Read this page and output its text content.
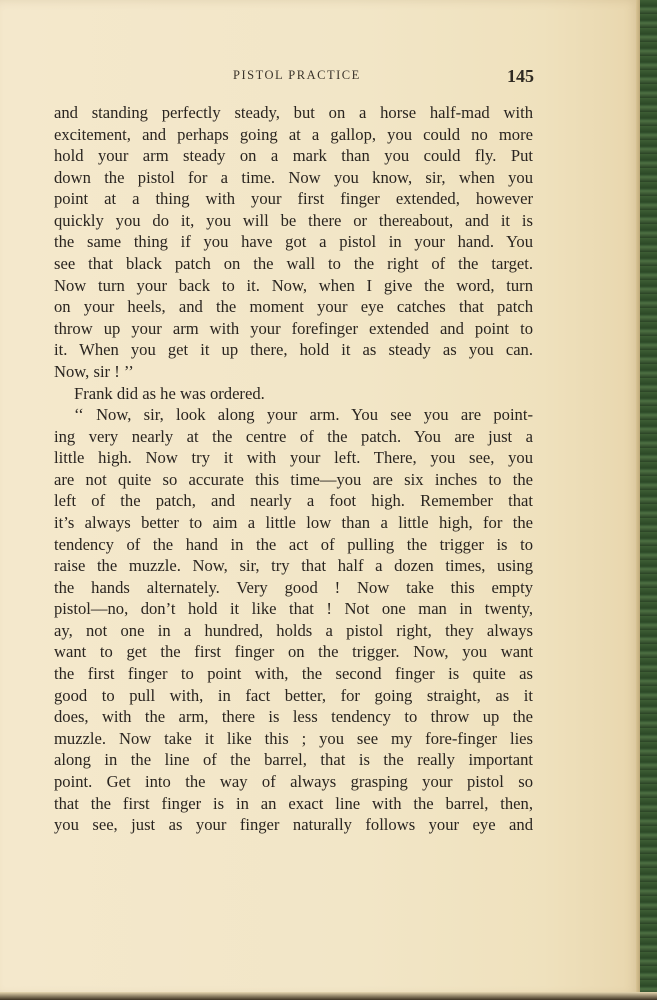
PISTOL PRACTICE	145
and standing perfectly steady, but on a horse half-mad with
excitement, and perhaps going at a gallop, you could no more
hold your arm steady on a mark than you could fly. Put
down the pistol for a time. Now you know, sir, when you
point at a thing with your first finger extended, however
quickly you do it, you will be there or thereabout, and it is
the same thing if you have got a pistol in your hand. You
see that black patch on the wall to the right of the target.
Now turn your back to it. Now, when I give the word, turn
on your heels, and the moment your eye catches that patch
throw up your arm with your forefinger extended and point to
it. When you get it up there, hold it as steady as you can.
Now, sir ! ’’
Frank did as he was ordered.
‘‘ Now, sir, look along your arm. You see you are point-
ing very nearly at the centre of the patch. You are just a
little high. Now try it with your left. There, you see, you
are not quite so accurate this time—you are six inches to the
left of the patch, and nearly a foot high. Remember that
it’s always better to aim a little low than a little high, for the
tendency of the hand in the act of pulling the trigger is to
raise the muzzle. Now, sir, try that half a dozen times, using
the hands alternately. Very good ! Now take this empty
pistol—no, don’t hold it like that ! Not one man in twenty,
ay, not one in a hundred, holds a pistol right, they always
want to get the first finger on the trigger. Now, you want
the first finger to point with, the second finger is quite as
good to pull with, in fact better, for going straight, as it
does, with the arm, there is less tendency to throw up the
muzzle. Now take it like this ; you see my fore-finger lies
along in the line of the barrel, that is the really important
point. Get into the way of always grasping your pistol so
that the first finger is in an exact line with the barrel, then,
you see, just as your finger naturally follows your eye and
